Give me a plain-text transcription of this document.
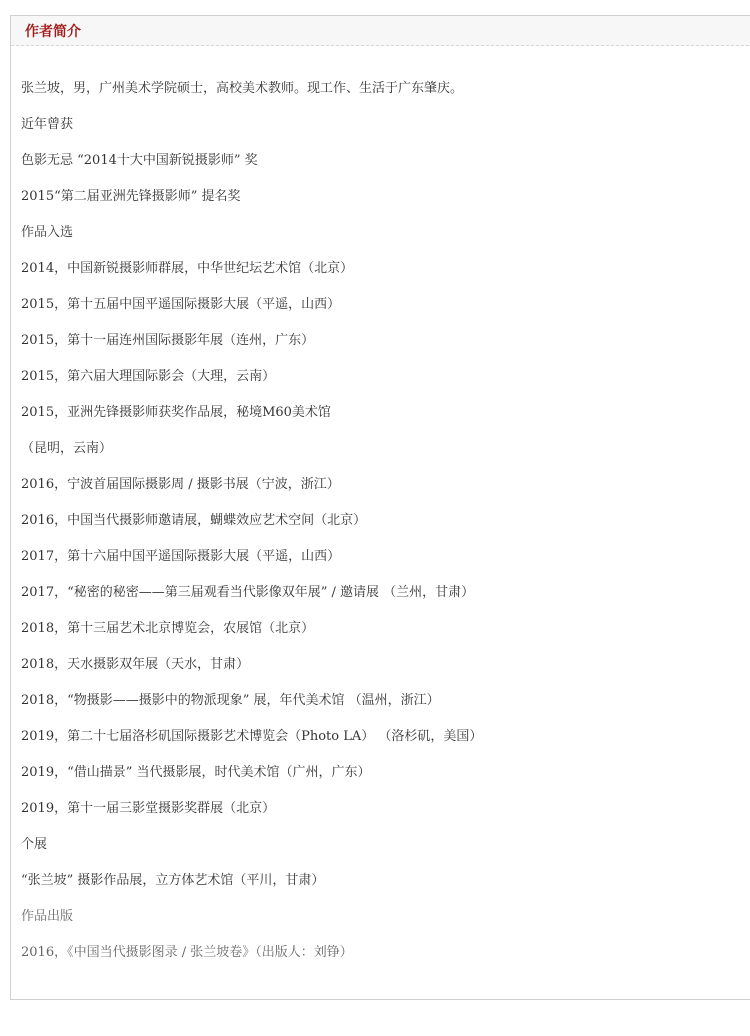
作者简介
张兰坡，男，广州美术学院硕士，高校美术教师。现工作、生活于广东肇庆。
近年曾获
色影无忌 “2014十大中国新锐摄影师” 奖
2015“第二届亚洲先锋摄影师” 提名奖
作品入选
2014，中国新锐摄影师群展，中华世纪坛艺术馆（北京）
2015，第十五届中国平遥国际摄影大展（平遥，山西）
2015，第十一届连州国际摄影年展（连州，广东）
2015，第六届大理国际影会（大理，云南）
2015，亚洲先锋摄影师获奖作品展，秘境M60美术馆
（昆明，云南）
2016，宁波首届国际摄影周 / 摄影书展（宁波，浙江）
2016，中国当代摄影师邀请展，蝴蝶效应艺术空间（北京）
2017，第十六届中国平遥国际摄影大展（平遥，山西）
2017，“秘密的秘密——第三届观看当代影像双年展” / 邀请展 （兰州，甘肃）
2018，第十三届艺术北京博览会，农展馆（北京）
2018，天水摄影双年展（天水，甘肃）
2018，“物摄影——摄影中的物派现象” 展，年代美术馆 （温州，浙江）
2019，第二十七届洛杉矶国际摄影艺术博览会（Photo LA） （洛杉矶，美国）
2019，“借山描景” 当代摄影展，时代美术馆（广州，广东）
2019，第十一届三影堂摄影奖群展（北京）
个展
“张兰坡” 摄影作品展，立方体艺术馆（平川，甘肃）
作品出版
2016，《中国当代摄影图录 / 张兰坡卷》（出版人：刘铮）
